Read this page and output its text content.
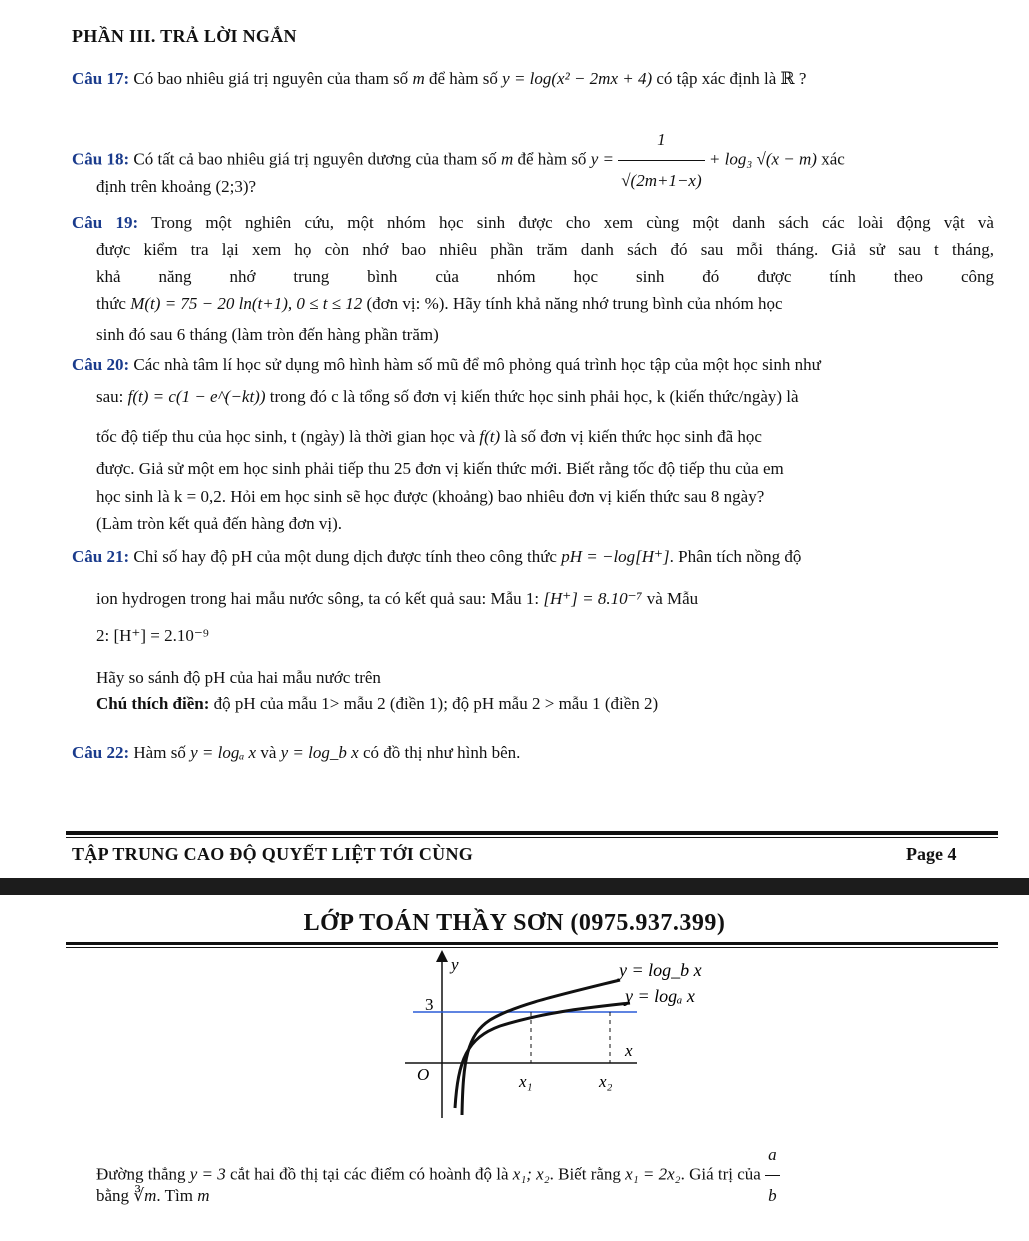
PHẦN III. TRẢ LỜI NGẮN
Câu 17: Có bao nhiêu giá trị nguyên của tham số m để hàm số y = log(x² − 2mx + 4) có tập xác định là ℝ ?
Câu 18: Có tất cả bao nhiêu giá trị nguyên dương của tham số m để hàm số $y = \frac{1}{√(2m+1-x)} + \log_3$ √(x − m) xác
định trên khoảng (2;3)?
Câu 19: Trong một nghiên cứu, một nhóm học sinh được cho xem cùng một danh sách các loài động vật và
được kiểm tra lại xem họ còn nhớ bao nhiêu phần trăm danh sách đó sau mỗi tháng. Giả sử sau t tháng,
khả năng nhớ trung bình của nhóm học sinh đó được tính theo công
thức M(t) = 75 − 20 ln(t+1), 0 ≤ t ≤ 12 (đơn vị: %). Hãy tính khả năng nhớ trung bình của nhóm học
sinh đó sau 6 tháng (làm tròn đến hàng phần trăm)
Câu 20: Các nhà tâm lí học sử dụng mô hình hàm số mũ để mô phỏng quá trình học tập của một học sinh như
sau: f(t) = c(1 − e^(−kt)) trong đó c là tổng số đơn vị kiến thức học sinh phải học, k (kiến thức/ngày) là
tốc độ tiếp thu của học sinh, t (ngày) là thời gian học và f(t) là số đơn vị kiến thức học sinh đã học
được. Giả sử một em học sinh phải tiếp thu 25 đơn vị kiến thức mới. Biết rằng tốc độ tiếp thu của em
học sinh là k = 0,2. Hỏi em học sinh sẽ học được (khoảng) bao nhiêu đơn vị kiến thức sau 8 ngày?
(Làm tròn kết quả đến hàng đơn vị).
Câu 21: Chỉ số hay độ pH của một dung dịch được tính theo công thức pH = −log[H⁺]. Phân tích nồng độ
ion hydrogen trong hai mẫu nước sông, ta có kết quả sau: Mẫu 1: [H⁺] = 8.10⁻⁷ và Mẫu
2: [H⁺] = 2.10⁻⁹
Hãy so sánh độ pH của hai mẫu nước trên
Chú thích điền: độ pH của mẫu 1> mẫu 2 (điền 1); độ pH mẫu 2 > mẫu 1 (điền 2)
Câu 22: Hàm số y = logₐ x và y = log_b x có đồ thị như hình bên.
TẬP TRUNG CAO ĐỘ QUYẾT LIỆT TỚI CÙNG	Page 4
LỚP TOÁN THẦY SƠN (0975.937.399)
y
x
O
3
x₁	x₂
y = log_b x
y = logₐ x
Đường thẳng y = 3 cắt hai đồ thị tại các điểm có hoành độ là x₁; x₂. Biết rằng x₁ = 2x₂. Giá trị của $\frac{a}{b}$
bằng ∛m. Tìm m
